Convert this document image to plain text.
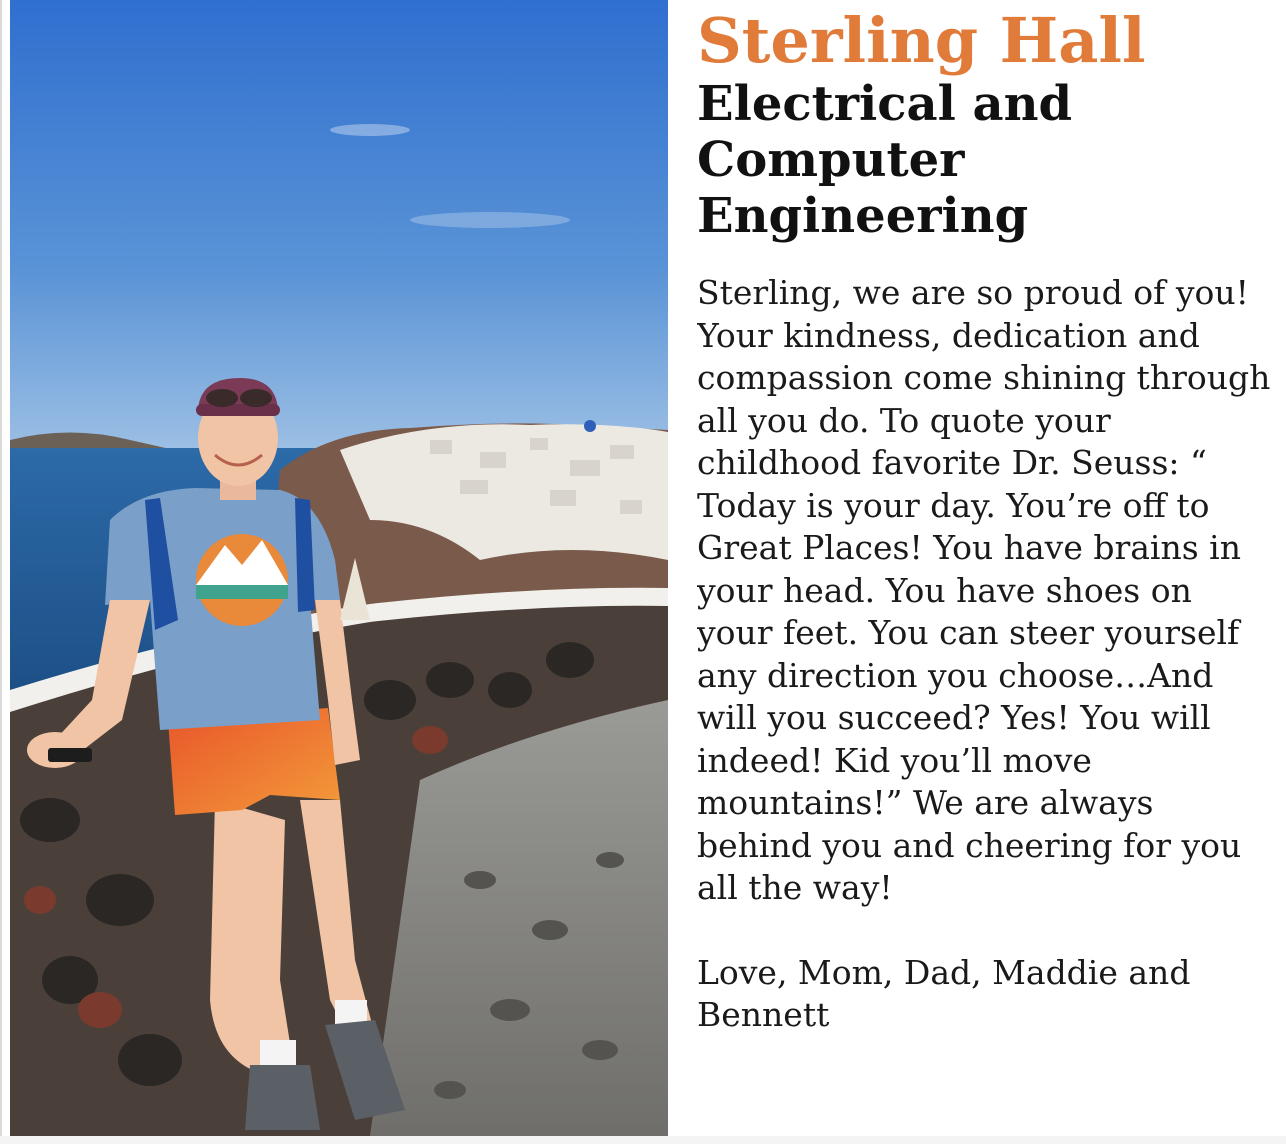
Sterling Hall
Electrical and Computer Engineering

Sterling, we are so proud of you!

Your kindness, dedication and compassion come shining through all you do. To quote your childhood favorite Dr. Seuss: “ Today is your day. You’re off to Great Places! You have brains in your head. You have shoes on your feet. You can steer yourself any direction you choose…And will you succeed? Yes! You will indeed! Kid you’ll move mountains!” We are always behind you and cheering for you all the way!

Love, Mom, Dad, Maddie and Bennett
